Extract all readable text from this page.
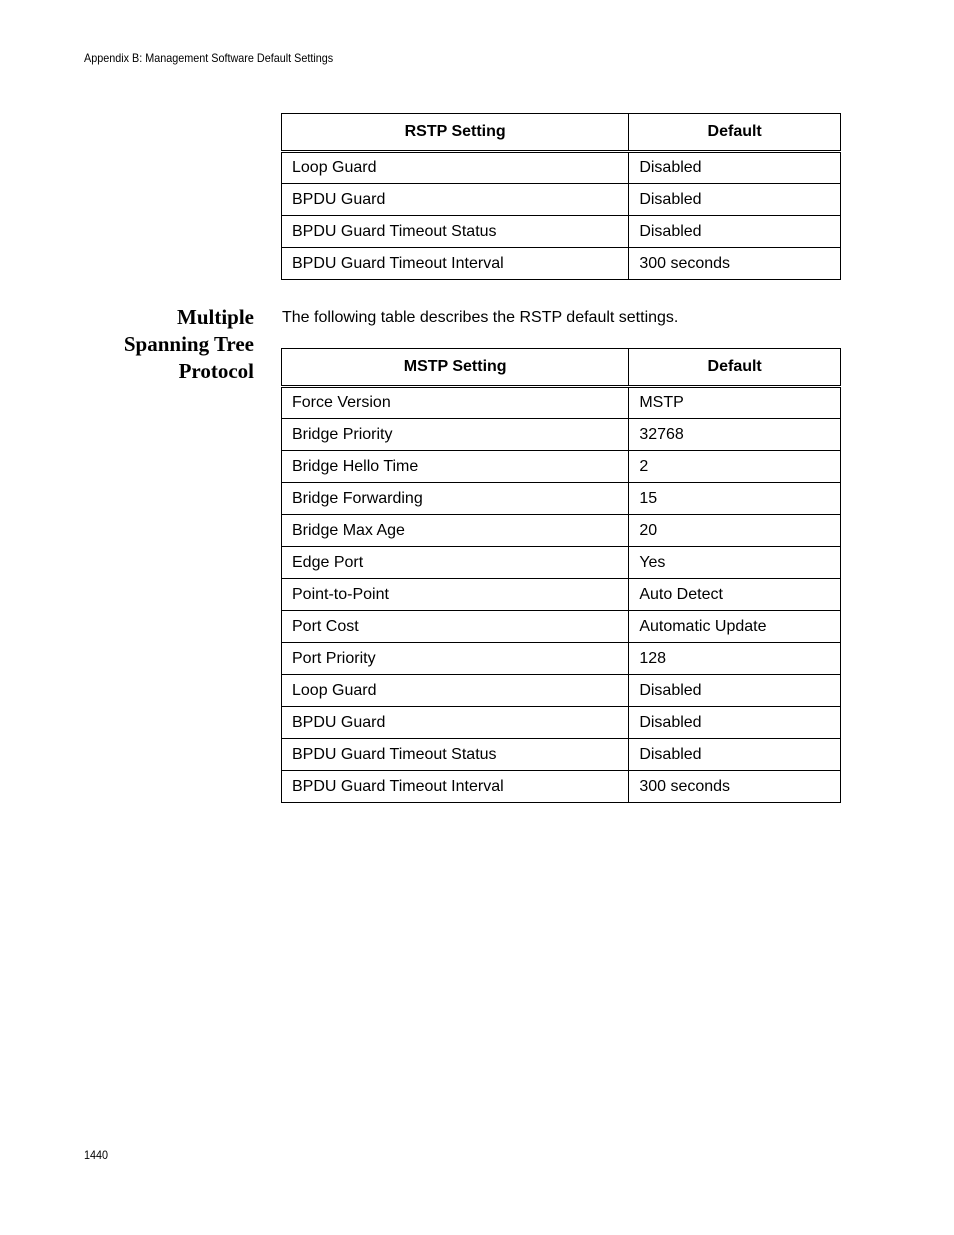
Appendix B: Management Software Default Settings
RSTP Setting	Default
Loop Guard	Disabled
BPDU Guard	Disabled
BPDU Guard Timeout Status	Disabled
BPDU Guard Timeout Interval	300 seconds
Multiple
Spanning Tree
Protocol
The following table describes the RSTP default settings.
MSTP Setting	Default
Force Version	MSTP
Bridge Priority	32768
Bridge Hello Time	2
Bridge Forwarding	15
Bridge Max Age	20
Edge Port	Yes
Point-to-Point	Auto Detect
Port Cost	Automatic Update
Port Priority	128
Loop Guard	Disabled
BPDU Guard	Disabled
BPDU Guard Timeout Status	Disabled
BPDU Guard Timeout Interval	300 seconds
1440
